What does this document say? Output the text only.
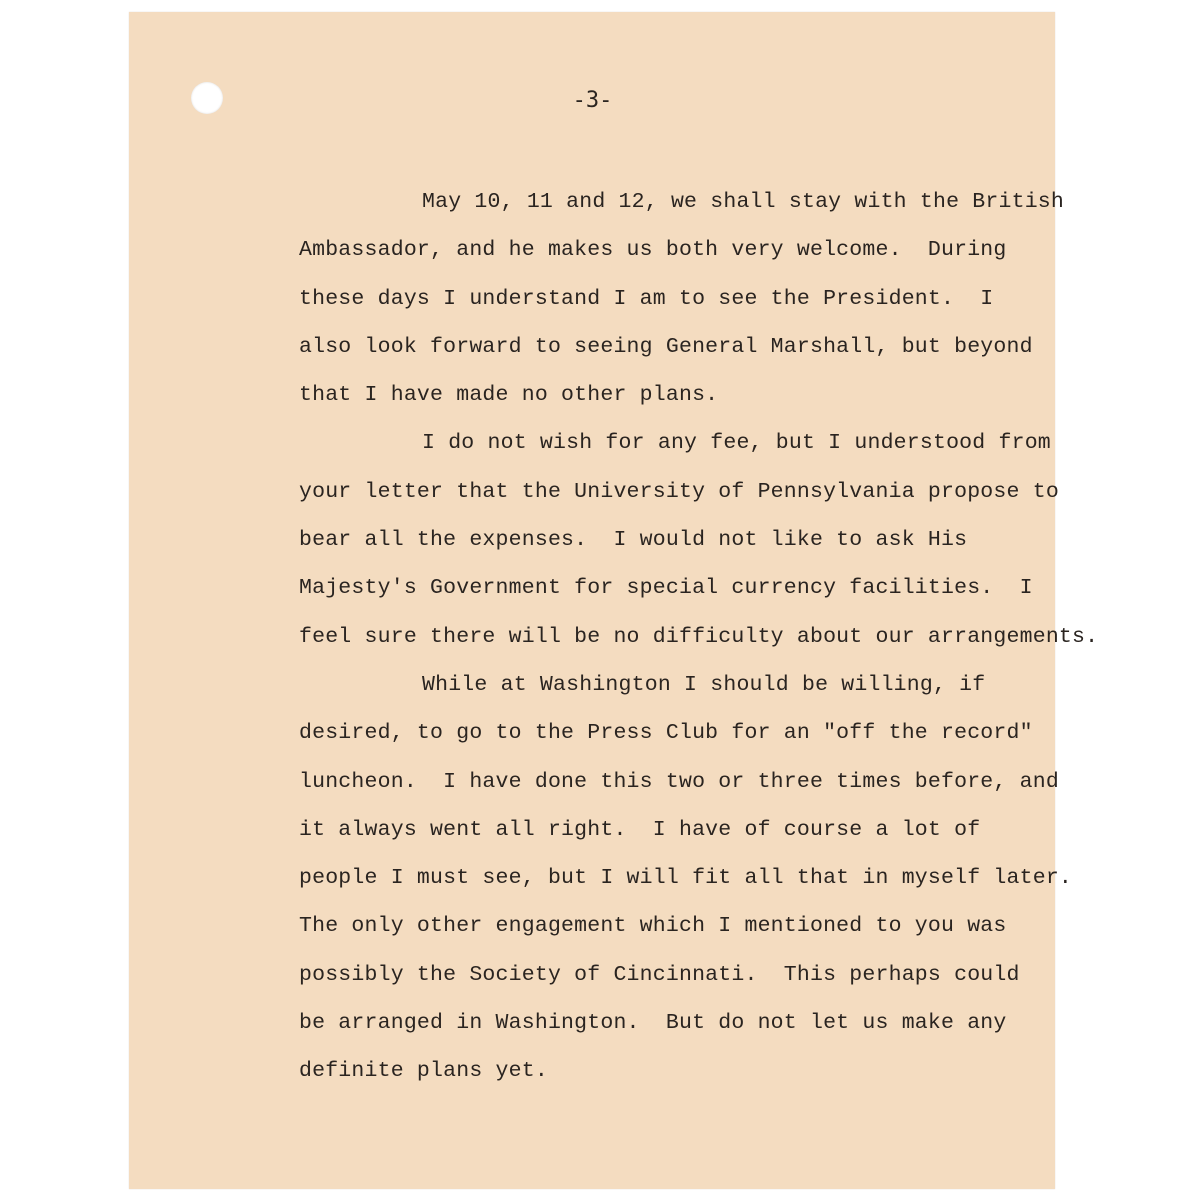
-3-
May 10, 11 and 12, we shall stay with the British
Ambassador, and he makes us both very welcome.  During
these days I understand I am to see the President.  I
also look forward to seeing General Marshall, but beyond
that I have made no other plans.
I do not wish for any fee, but I understood from
your letter that the University of Pennsylvania propose to
bear all the expenses.  I would not like to ask His
Majesty's Government for special currency facilities.  I
feel sure there will be no difficulty about our arrangements.
While at Washington I should be willing, if
desired, to go to the Press Club for an "off the record"
luncheon.  I have done this two or three times before, and
it always went all right.  I have of course a lot of
people I must see, but I will fit all that in myself later.
The only other engagement which I mentioned to you was
possibly the Society of Cincinnati.  This perhaps could
be arranged in Washington.  But do not let us make any
definite plans yet.
